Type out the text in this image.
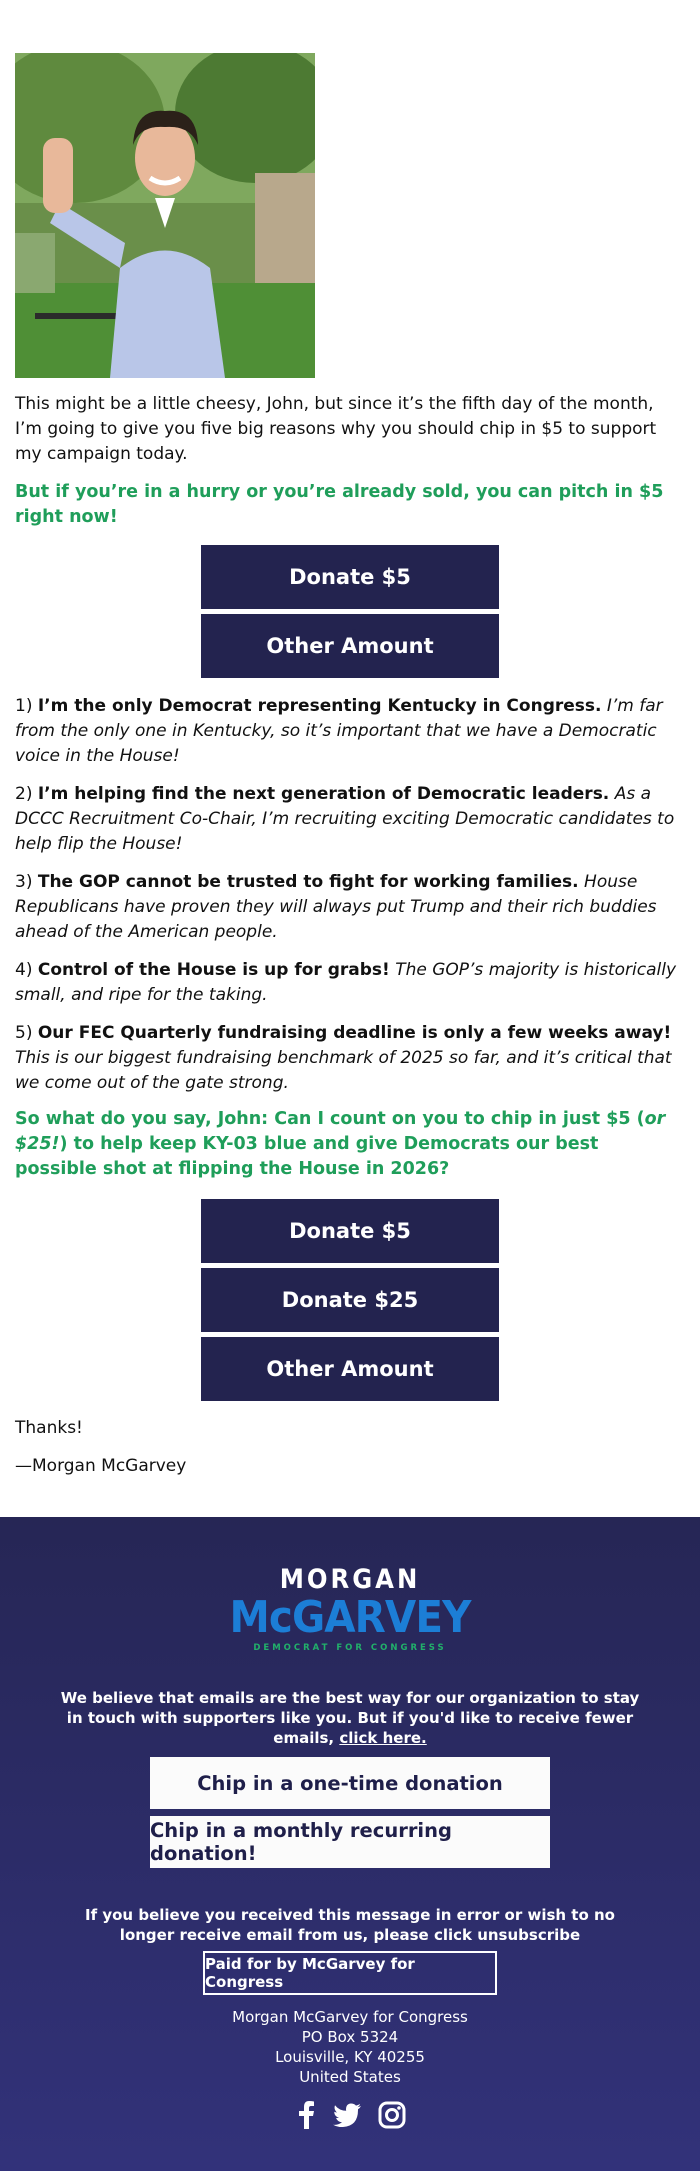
This might be a little cheesy, John, but since it’s the fifth day of the month, I’m going to give you five big reasons why you should chip in $5 to support my campaign today.

But if you’re in a hurry or you’re already sold, you can pitch in $5 right now!

Donate $5
Other Amount

1) I’m the only Democrat representing Kentucky in Congress. I’m far from the only one in Kentucky, so it’s important that we have a Democratic voice in the House!

2) I’m helping find the next generation of Democratic leaders. As a DCCC Recruitment Co-Chair, I’m recruiting exciting Democratic candidates to help flip the House!

3) The GOP cannot be trusted to fight for working families. House Republicans have proven they will always put Trump and their rich buddies ahead of the American people.

4) Control of the House is up for grabs! The GOP’s majority is historically small, and ripe for the taking.

5) Our FEC Quarterly fundraising deadline is only a few weeks away! This is our biggest fundraising benchmark of 2025 so far, and it’s critical that we come out of the gate strong.

So what do you say, John: Can I count on you to chip in just $5 (or $25!) to help keep KY-03 blue and give Democrats our best possible shot at flipping the House in 2026?

Donate $5
Donate $25
Other Amount

Thanks!

—Morgan McGarvey

MORGAN
McGARVEY
DEMOCRAT FOR CONGRESS
We believe that emails are the best way for our organization to stay in touch with supporters like you. But if you'd like to receive fewer emails, click here.
Chip in a one-time donation
Chip in a monthly recurring donation!
If you believe you received this message in error or wish to no longer receive email from us, please click unsubscribe
Paid for by McGarvey for Congress
Morgan McGarvey for Congress
PO Box 5324
Louisville, KY 40255
United States
